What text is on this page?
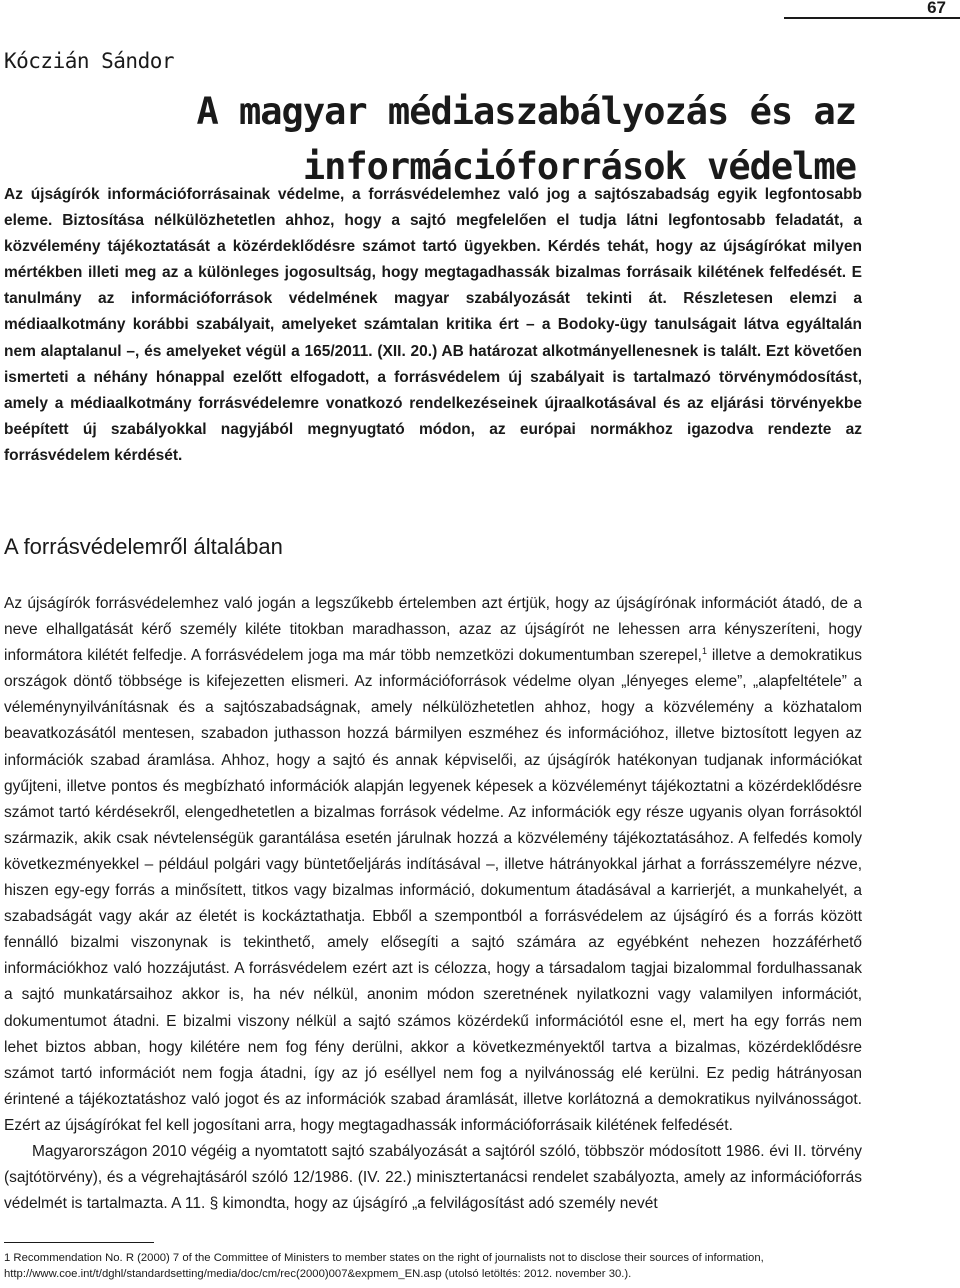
67
Kóczián Sándor
A magyar médiaszabályozás és az információforrások védelme

Az újságírók információforrásainak védelme, a forrásvédelemhez való jog a sajtószabadság egyik legfontosabb eleme. Biztosítása nélkülözhetetlen ahhoz, hogy a sajtó megfelelően el tudja látni legfontosabb feladatát, a közvélemény tájékoztatását a közérdeklődésre számot tartó ügyekben. Kérdés tehát, hogy az újságírókat milyen mértékben illeti meg az a különleges jogosultság, hogy megtagadhassák bizalmas forrásaik kilétének felfedését. E tanulmány az információforrások védelmének magyar szabályozását tekinti át. Részletesen elemzi a médiaalkotmány korábbi szabályait, amelyeket számtalan kritika ért – a Bodoky-ügy tanulságait látva egyáltalán nem alaptalanul –, és amelyeket végül a 165/2011. (XII. 20.) AB határozat alkotmányellenesnek is talált. Ezt követően ismerteti a néhány hónappal ezelőtt elfogadott, a forrásvédelem új szabályait is tartalmazó törvénymódosítást, amely a médiaalkotmány forrásvédelemre vonatkozó rendelkezéseinek újraalkotásával és az eljárási törvényekbe beépített új szabályokkal nagyjából megnyugtató módon, az európai normákhoz igazodva rendezte az forrásvédelem kérdését.

A forrásvédelemről általában

Az újságírók forrásvédelemhez való jogán a legszűkebb értelemben azt értjük, hogy az újságírónak információt átadó, de a neve elhallgatását kérő személy kiléte titokban maradhasson, azaz az újságírót ne lehessen arra kényszeríteni, hogy informátora kilétét felfedje. A forrásvédelem joga ma már több nemzetközi dokumentumban szerepel,$^1$ illetve a demokratikus országok döntő többsége is kifejezetten elismeri. Az információforrások védelme olyan „lényeges eleme”, „alapfeltétele” a véleménynyilvánításnak és a sajtószabadságnak, amely nélkülözhetetlen ahhoz, hogy a közvélemény a közhatalom beavatkozásától mentesen, szabadon juthasson hozzá bármilyen eszméhez és információhoz, illetve biztosított legyen az információk szabad áramlása. Ahhoz, hogy a sajtó és annak képviselői, az újságírók hatékonyan tudjanak információkat gyűjteni, illetve pontos és megbízható információk alapján legyenek képesek a közvéleményt tájékoztatni a közérdeklődésre számot tartó kérdésekről, elengedhetetlen a bizalmas források védelme. Az információk egy része ugyanis olyan forrásoktól származik, akik csak névtelenségük garantálása esetén járulnak hozzá a közvélemény tájékoztatásához. A felfedés komoly következményekkel – például polgári vagy büntetőeljárás indításával –, illetve hátrányokkal járhat a forrásszemélyre nézve, hiszen egy-egy forrás a minősített, titkos vagy bizalmas információ, dokumentum átadásával a karrierjét, a munkahelyét, a szabadságát vagy akár az életét is kockáztathatja. Ebből a szempontból a forrásvédelem az újságíró és a forrás között fennálló bizalmi viszonynak is tekinthető, amely elősegíti a sajtó számára az egyébként nehezen hozzáférhető információkhoz való hozzájutást. A forrásvédelem ezért azt is célozza, hogy a társadalom tagjai bizalommal fordulhassanak a sajtó munkatársaihoz akkor is, ha név nélkül, anonim módon szeretnének nyilatkozni vagy valamilyen információt, dokumentumot átadni. E bizalmi viszony nélkül a sajtó számos közérdekű információtól esne el, mert ha egy forrás nem lehet biztos abban, hogy kilétére nem fog fény derülni, akkor a következményektől tartva a bizalmas, közérdeklődésre számot tartó információt nem fogja átadni, így az jó eséllyel nem fog a nyilvánosság elé kerülni. Ez pedig hátrányosan érintené a tájékoztatáshoz való jogot és az információk szabad áramlását, illetve korlátozná a demokratikus nyilvánosságot. Ezért az újságírókat fel kell jogosítani arra, hogy megtagadhassák információforrásaik kilétének felfedését.

Magyarországon 2010 végéig a nyomtatott sajtó szabályozását a sajtóról szóló, többször módosított 1986. évi II. törvény (sajtótörvény), és a végrehajtásáról szóló 12/1986. (IV. 22.) minisztertanácsi rendelet szabályozta, amely az információforrás védelmét is tartalmazta. A 11. § kimondta, hogy az újságíró „a felvilágosítást adó személy nevét

1 Recommendation No. R (2000) 7 of the Committee of Ministers to member states on the right of journalists not to disclose their sources of information, http://www.coe.int/t/dghl/standardsetting/media/doc/cm/rec(2000)007&expmem_EN.asp (utolsó letöltés: 2012. november 30.).
